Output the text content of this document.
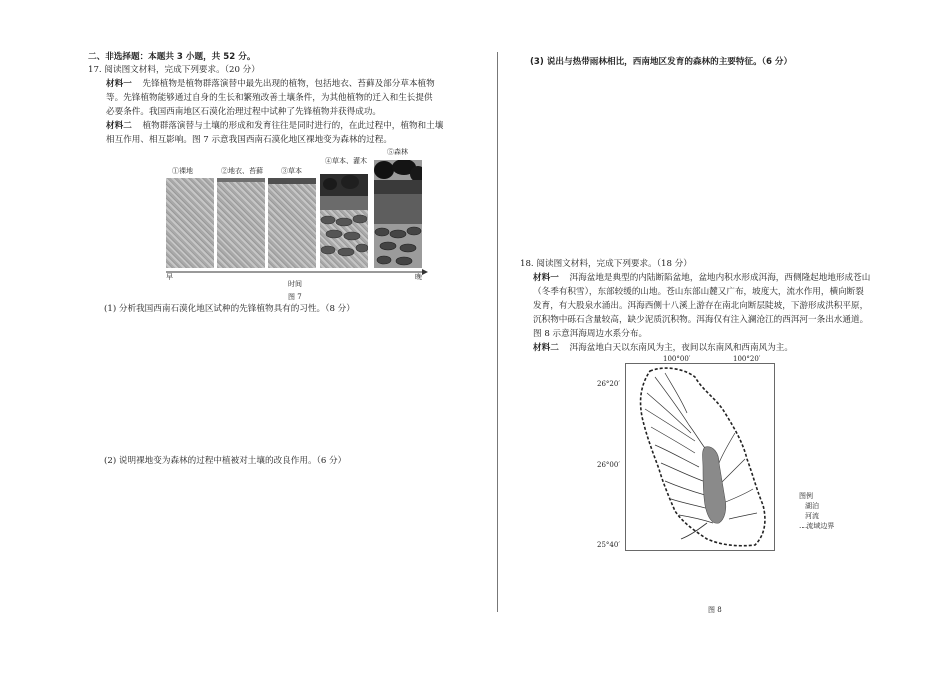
二、非选择题：本题共 3 小题，共 52 分。
17. 阅读图文材料，完成下列要求。（20 分）
材料一 先锋植物是植物群落演替中最先出现的植物，包括地衣、苔藓及部分草本植物
等。先锋植物能够通过自身的生长和繁殖改善土壤条件，为其他植物的迁入和生长提供
必要条件。我国西南地区石漠化治理过程中试种了先锋植物并获得成功。
材料二 植物群落演替与土壤的形成和发育往往是同时进行的，在此过程中，植物和土壤
相互作用、相互影响。图 7 示意我国西南石漠化地区裸地变为森林的过程。
①裸地	②地衣、苔藓	③草本
④草本、灌木
⑤森林
早	晚
时间
图 7
(1) 分析我国西南石漠化地区试种的先锋植物具有的习性。（8 分）
(2) 说明裸地变为森林的过程中植被对土壤的改良作用。（6 分）
(3) 说出与热带雨林相比，西南地区发育的森林的主要特征。（6 分）
18. 阅读图文材料，完成下列要求。（18 分）
材料一 洱海盆地是典型的内陆断陷盆地，盆地内积水形成洱海，西侧隆起地地形成苍山
（冬季有积雪），东部较缓的山地。苍山东部山麓又广布，坡度大，流水作用，横向断裂
发育，有大股泉水涌出。洱海西侧十八溪上游存在南北向断层陡坡，下游形成洪积平原，
沉积物中砾石含量较高，缺少泥质沉积物。洱海仅有注入澜沧江的西洱河一条出水通道。
图 8 示意洱海周边水系分布。
材料二 洱海盆地白天以东南风为主，夜间以东南风和西南风为主。
100°00′	100°20′
26°20′
26°00′
25°40′
图例
湖泊
河流
‥‥流域边界
图 8
